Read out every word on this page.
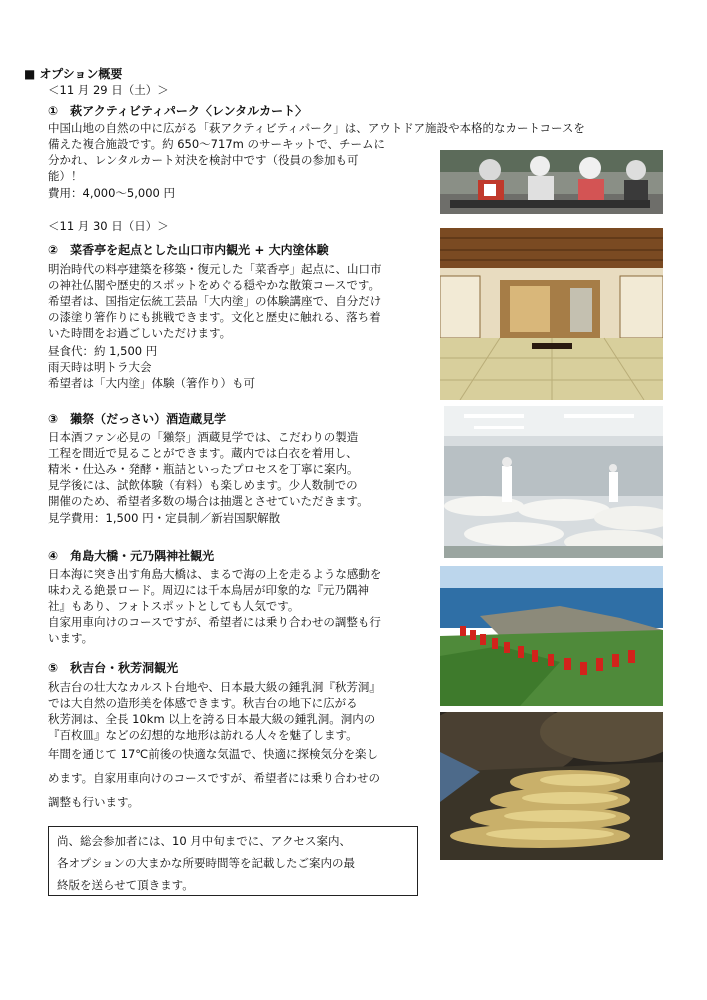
■ オプション概要
＜11 月 29 日（土）＞
①　萩アクティビティパーク〈レンタルカート〉
中国山地の自然の中に広がる「萩アクティビティパーク」は、アウトドア施設や本格的なカートコースを
備えた複合施設です。約 650〜717m のサーキットで、チームに
分かれ、レンタルカート対決を検討中です（役員の参加も可
能）！
費用：4,000〜5,000 円
＜11 月 30 日（日）＞
②　菜香亭を起点とした山口市内観光 + 大内塗体験
明治時代の料亭建築を移築・復元した「菜香亭」起点に、山口市
の神社仏閣や歴史的スポットをめぐる穏やかな散策コースです。
希望者は、国指定伝統工芸品「大内塗」の体験講座で、自分だけ
の漆塗り箸作りにも挑戦できます。文化と歴史に触れる、落ち着
いた時間をお過ごしいただけます。
昼食代：約 1,500 円
雨天時は明トラ大会
希望者は「大内塗」体験（箸作り）も可
③　獺祭（だっさい）酒造蔵見学
日本酒ファン必見の「獺祭」酒蔵見学では、こだわりの製造
工程を間近で見ることができます。蔵内では白衣を着用し、
精米・仕込み・発酵・瓶詰といったプロセスを丁寧に案内。
見学後には、試飲体験（有料）も楽しめます。少人数制での
開催のため、希望者多数の場合は抽選とさせていただきます。
見学費用：1,500 円・定員制／新岩国駅解散
④　角島大橋・元乃隅神社観光
日本海に突き出す角島大橋は、まるで海の上を走るような感動を
味わえる絶景ロード。周辺には千本鳥居が印象的な『元乃隅神
社』もあり、フォトスポットとしても人気です。
自家用車向けのコースですが、希望者には乗り合わせの調整も行
います。
⑤　秋吉台・秋芳洞観光
秋吉台の壮大なカルスト台地や、日本最大級の鍾乳洞『秋芳洞』
では大自然の造形美を体感できます。秋吉台の地下に広がる
秋芳洞は、全長 10km 以上を誇る日本最大級の鍾乳洞。洞内の
『百枚皿』などの幻想的な地形は訪れる人々を魅了します。
年間を通じて 17℃前後の快適な気温で、快適に探検気分を楽し
めます。自家用車向けのコースですが、希望者には乗り合わせの
調整も行います。
尚、総会参加者には、10 月中旬までに、アクセス案内、
各オプションの大まかな所要時間等を記載したご案内の最
終版を送らせて頂きます。
